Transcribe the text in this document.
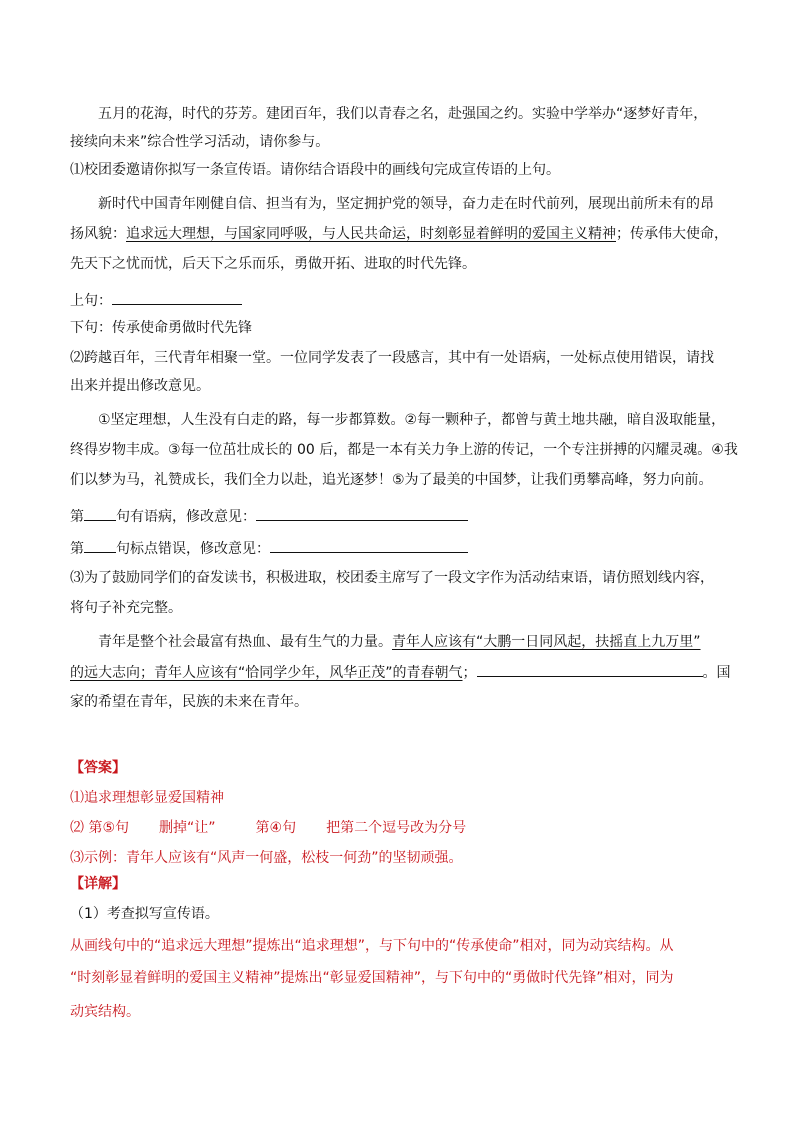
五月的花海，时代的芬芳。建团百年，我们以青春之名，赴强国之约。实验中学举办“逐梦好青年，
接续向未来”综合性学习活动，请你参与。
⑴校团委邀请你拟写一条宣传语。请你结合语段中的画线句完成宣传语的上句。
新时代中国青年刚健自信、担当有为，坚定拥护党的领导，奋力走在时代前列，展现出前所未有的昂
扬风貌：追求远大理想，与国家同呼吸，与人民共命运，时刻彰显着鲜明的爱国主义精神；传承伟大使命，
先天下之忧而忧，后天下之乐而乐，勇做开拓、进取的时代先锋。
上句：
下句：传承使命勇做时代先锋
⑵跨越百年，三代青年相聚一堂。一位同学发表了一段感言，其中有一处语病，一处标点使用错误，请找
出来并提出修改意见。
①坚定理想，人生没有白走的路，每一步都算数。②每一颗种子，都曾与黄土地共融，暗自汲取能量，
终得岁物丰成。③每一位茁壮成长的 00 后，都是一本有关力争上游的传记，一个专注拼搏的闪耀灵魂。④我
们以梦为马，礼赞成长，我们全力以赴，追光逐梦！⑤为了最美的中国梦，让我们勇攀高峰，努力向前。
第 句有语病，修改意见：
第 句标点错误，修改意见：
⑶为了鼓励同学们的奋发读书，积极进取，校团委主席写了一段文字作为活动结束语，请仿照划线内容，
将句子补充完整。
青年是整个社会最富有热血、最有生气的力量。青年人应该有“大鹏一日同风起，扶摇直上九万里”
的远大志向；青年人应该有“恰同学少年，风华正茂”的青春朝气；	。国
家的希望在青年，民族的未来在青年。
【答案】
⑴追求理想彰显爱国精神
⑵ 第⑤句 删掉“让”	第④句 把第二个逗号改为分号
⑶示例：青年人应该有“风声一何盛，松枝一何劲”的坚韧顽强。
【详解】
（1）考查拟写宣传语。
从画线句中的“追求远大理想”提炼出“追求理想”，与下句中的“传承使命”相对，同为动宾结构。从
“时刻彰显着鲜明的爱国主义精神”提炼出“彰显爱国精神”，与下句中的“勇做时代先锋”相对，同为
动宾结构。
